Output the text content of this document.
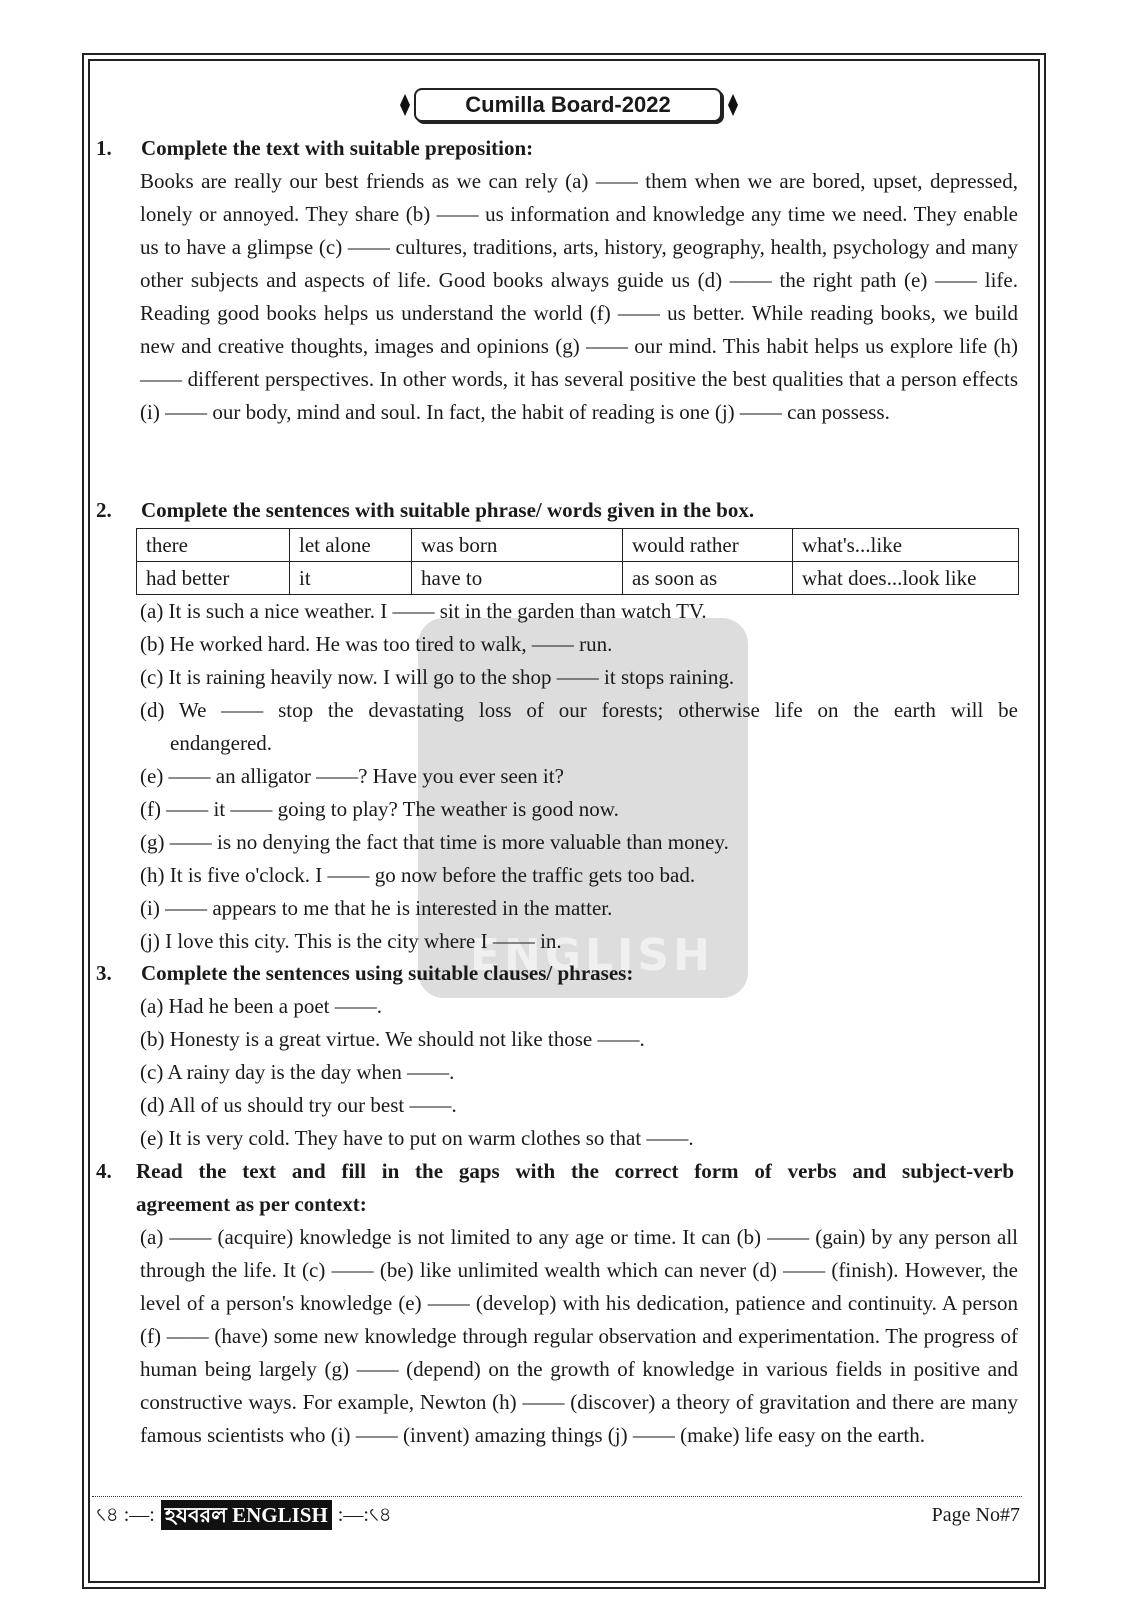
ENGLISH
Cumilla Board-2022
1. Complete the text with suitable preposition:
Books are really our best friends as we can rely (a) —— them when we are bored, upset, depressed, lonely or annoyed. They share (b) —— us information and knowledge any time we need. They enable us to have a glimpse (c) —— cultures, traditions, arts, history, geography, health, psychology and many other subjects and aspects of life. Good books always guide us (d) —— the right path (e) —— life. Reading good books helps us understand the world (f) —— us better. While reading books, we build new and creative thoughts, images and opinions (g) —— our mind. This habit helps us explore life (h) —— different perspectives. In other words, it has several positive the best qualities that a person effects (i) —— our body, mind and soul. In fact, the habit of reading is one (j) —— can possess.
2. Complete the sentences with suitable phrase/ words given in the box.
there	let alone	was born	would rather	what's...like
had better	it	have to	as soon as	what does...look like
(a) It is such a nice weather. I —— sit in the garden than watch TV.
(b) He worked hard. He was too tired to walk, —— run.
(c) It is raining heavily now. I will go to the shop —— it stops raining.
(d) We —— stop the devastating loss of our forests; otherwise life on the earth will be
endangered.
(e) —— an alligator ——? Have you ever seen it?
(f) —— it —— going to play? The weather is good now.
(g) —— is no denying the fact that time is more valuable than money.
(h) It is five o'clock. I —— go now before the traffic gets too bad.
(i) —— appears to me that he is interested in the matter.
(j) I love this city. This is the city where I —— in.
3. Complete the sentences using suitable clauses/ phrases:
(a) Had he been a poet ——.
(b) Honesty is a great virtue. We should not like those ——.
(c) A rainy day is the day when ——.
(d) All of us should try our best ——.
(e) It is very cold. They have to put on warm clothes so that ——.
4. Read the text and fill in the gaps with the correct form of verbs and subject-verb
agreement as per context:
(a) —— (acquire) knowledge is not limited to any age or time. It can (b) —— (gain) by any person all through the life. It (c) —— (be) like unlimited wealth which can never (d) —— (finish). However, the level of a person's knowledge (e) —— (develop) with his dedication, patience and continuity. A person (f) —— (have) some new knowledge through regular observation and experimentation. The progress of human being largely (g) —— (depend) on the growth of knowledge in various fields in positive and constructive ways. For example, Newton (h) —— (discover) a theory of gravitation and there are many famous scientists who (i) —— (invent) amazing things (j) —— (make) life easy on the earth.
৻৪ :—: হযবরল ENGLISH :—:৻৪	Page No#7
